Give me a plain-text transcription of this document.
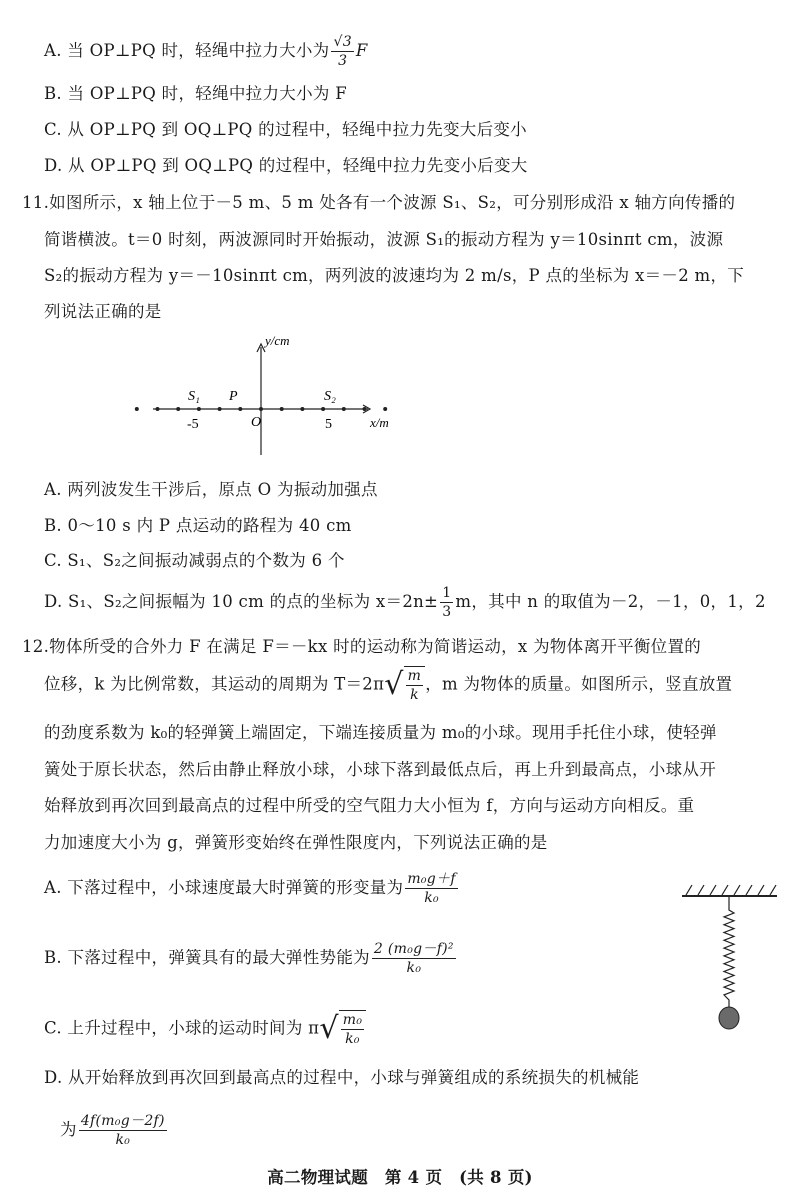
A. 当 OP⊥PQ 时，轻绳中拉力大小为 $\frac{√3}{3}$ F
B. 当 OP⊥PQ 时，轻绳中拉力大小为 F
C. 从 OP⊥PQ 到 OQ⊥PQ 的过程中，轻绳中拉力先变大后变小
D. 从 OP⊥PQ 到 OQ⊥PQ 的过程中，轻绳中拉力先变小后变大
11.如图所示，x 轴上位于－5 m、5 m 处各有一个波源 S₁、S₂，可分别形成沿 x 轴方向传播的
简谐横波。t＝0 时刻，两波源同时开始振动，波源 S₁的振动方程为 y＝10sinπt cm，波源
S₂的振动方程为 y＝－10sinπt cm，两列波的波速均为 2 m/s，P 点的坐标为 x＝－2 m，下
列说法正确的是
y/cm
x/m
O
S₁ P	S₂
-5	5
A. 两列波发生干涉后，原点 O 为振动加强点
B. 0～10 s 内 P 点运动的路程为 40 cm
C. S₁、S₂之间振动减弱点的个数为 6 个
D. S₁、S₂之间振幅为 10 cm 的点的坐标为 $x=2n\pm \frac{1}{3}$ m，其中 n 的取值为－2，－1，0，1，2
12.物体所受的合外力 F 在满足 F＝－kx 时的运动称为简谐运动，x 为物体离开平衡位置的
位移，k 为比例常数，其运动的周期为 T＝2π √ $\frac{m}{k}$ ，m 为物体的质量。如图所示，竖直放置
的劲度系数为 k₀的轻弹簧上端固定，下端连接质量为 m₀的小球。现用手托住小球，使轻弹
簧处于原长状态，然后由静止释放小球，小球下落到最低点后，再上升到最高点，小球从开
始释放到再次回到最高点的过程中所受的空气阻力大小恒为 f，方向与运动方向相反。重
力加速度大小为 g，弹簧形变始终在弹性限度内，下列说法正确的是
A. 下落过程中，小球速度最大时弹簧的形变量为 $\frac{\text{m₀g＋f}}{\text{k₀}}$
B. 下落过程中，弹簧具有的最大弹性势能为 $\frac{\text{2 (m₀g－f)²}}{\text{k₀}}$
C. 上升过程中，小球的运动时间为 π √ $\frac{\text{m₀}}{\text{k₀}}$
D. 从开始释放到再次回到最高点的过程中，小球与弹簧组成的系统损失的机械能
为 $\frac{\text{4f(m₀g－2f)}}{\text{k₀}}$
高二物理试题　第 4 页　(共 8 页)
